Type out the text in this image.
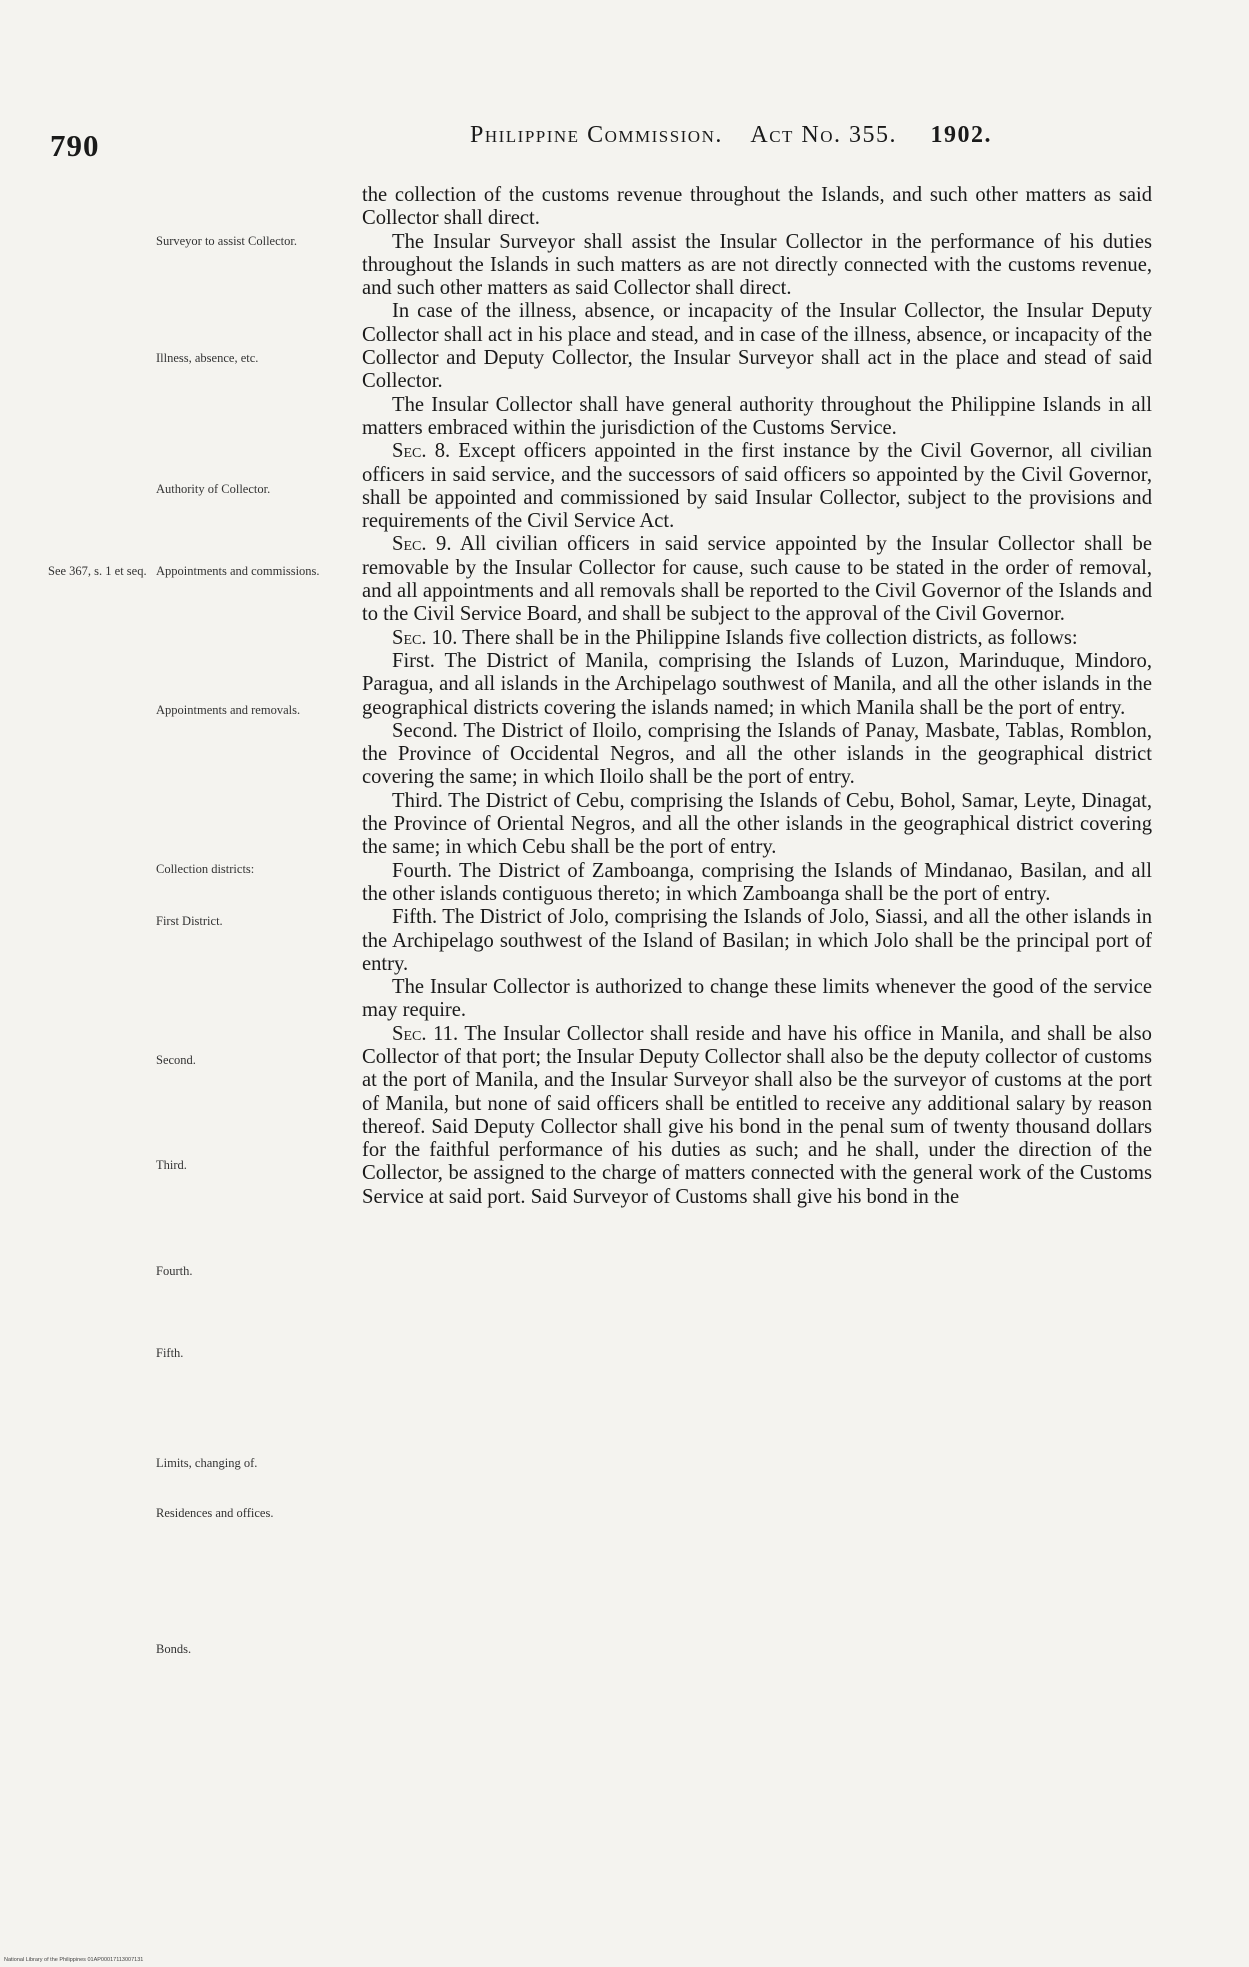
790	Philippine Commission. Act No. 355. 1902.
See 367, s. 1 et seq.
Surveyor to assist Collector.
Illness, absence, etc.
Authority of Collector.
Appointments and commissions.
Appointments and removals.
Collection districts:
First District.
Second.
Third.
Fourth.
Fifth.
Limits, changing of.
Residences and offices.
Bonds.

the collection of the customs revenue throughout the Islands, and such other matters as said Collector shall direct.

The Insular Surveyor shall assist the Insular Collector in the performance of his duties throughout the Islands in such matters as are not directly connected with the customs revenue, and such other matters as said Collector shall direct.

In case of the illness, absence, or incapacity of the Insular Collector, the Insular Deputy Collector shall act in his place and stead, and in case of the illness, absence, or incapacity of the Collector and Deputy Collector, the Insular Surveyor shall act in the place and stead of said Collector.

The Insular Collector shall have general authority throughout the Philippine Islands in all matters embraced within the jurisdiction of the Customs Service.

Sec. 8. Except officers appointed in the first instance by the Civil Governor, all civilian officers in said service, and the successors of said officers so appointed by the Civil Governor, shall be appointed and commissioned by said Insular Collector, subject to the provisions and requirements of the Civil Service Act.

Sec. 9. All civilian officers in said service appointed by the Insular Collector shall be removable by the Insular Collector for cause, such cause to be stated in the order of removal, and all appointments and all removals shall be reported to the Civil Governor of the Islands and to the Civil Service Board, and shall be subject to the approval of the Civil Governor.

Sec. 10. There shall be in the Philippine Islands five collection districts, as follows:

First. The District of Manila, comprising the Islands of Luzon, Marinduque, Mindoro, Paragua, and all islands in the Archipelago southwest of Manila, and all the other islands in the geographical districts covering the islands named; in which Manila shall be the port of entry.

Second. The District of Iloilo, comprising the Islands of Panay, Masbate, Tablas, Romblon, the Province of Occidental Negros, and all the other islands in the geographical district covering the same; in which Iloilo shall be the port of entry.

Third. The District of Cebu, comprising the Islands of Cebu, Bohol, Samar, Leyte, Dinagat, the Province of Oriental Negros, and all the other islands in the geographical district covering the same; in which Cebu shall be the port of entry.

Fourth. The District of Zamboanga, comprising the Islands of Mindanao, Basilan, and all the other islands contiguous thereto; in which Zamboanga shall be the port of entry.

Fifth. The District of Jolo, comprising the Islands of Jolo, Siassi, and all the other islands in the Archipelago southwest of the Island of Basilan; in which Jolo shall be the principal port of entry.

The Insular Collector is authorized to change these limits whenever the good of the service may require.

Sec. 11. The Insular Collector shall reside and have his office in Manila, and shall be also Collector of that port; the Insular Deputy Collector shall also be the deputy collector of customs at the port of Manila, and the Insular Surveyor shall also be the surveyor of customs at the port of Manila, but none of said officers shall be entitled to receive any additional salary by reason thereof. Said Deputy Collector shall give his bond in the penal sum of twenty thousand dollars for the faithful performance of his duties as such; and he shall, under the direction of the Collector, be assigned to the charge of matters connected with the general work of the Customs Service at said port. Said Surveyor of Customs shall give his bond in the

National Library of the Philippines 01AP00017113007131
